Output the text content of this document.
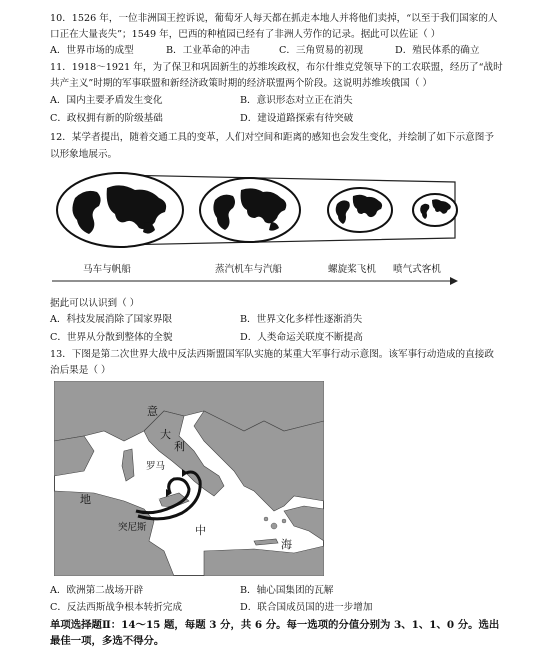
10．1526 年，一位非洲国王控诉说，葡萄牙人每天都在抓走本地人并将他们卖掉，“以至于我们国家的人
口正在大量丧失”；1549 年，巴西的种植园已经有了非洲人劳作的记录。据此可以佐证（ ）
A．世界市场的成型	B．工业革命的冲击	C．三角贸易的初现	D．殖民体系的确立
11．1918～1921 年，为了保卫和巩固新生的苏维埃政权，布尔什维克党领导下的工农联盟，经历了“战时
共产主义”时期的军事联盟和新经济政策时期的经济联盟两个阶段。这说明苏维埃俄国（ ）
A．国内主要矛盾发生变化	B．意识形态对立正在消失
C．政权拥有新的阶级基础	D．建设道路探索有待突破
12．某学者提出，随着交通工具的变革，人们对空间和距离的感知也会发生变化，并绘制了如下示意图予
以形象地展示。
马车与帆船	蒸汽机车与汽船	螺旋桨飞机 喷气式客机
据此可以认识到（ ）
A．科技发展消除了国家界限	B．世界文化多样性逐渐消失
C．世界从分散到整体的全貌	D．人类命运关联度不断提高
13．下图是第二次世界大战中反法西斯盟国军队实施的某重大军事行动示意图。该军事行动造成的直接政
治后果是（ ）
意
大
利
罗马
1943.9
1943.7
突尼斯
地
中
海
A．欧洲第二战场开辟	B．轴心国集团的瓦解
C．反法西斯战争根本转折完成	D．联合国成员国的进一步增加
单项选择题Ⅱ：14～15 题，每题 3 分，共 6 分。每一选项的分值分别为 3、1、1、0 分。选出
最佳一项，多选不得分。
